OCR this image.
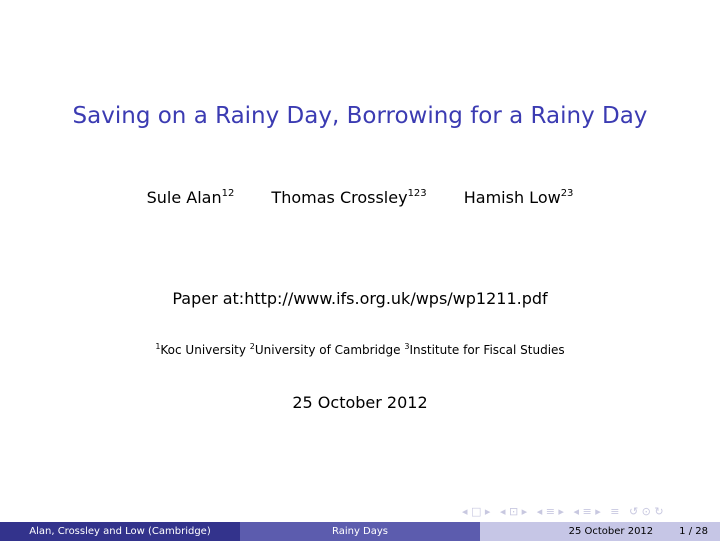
Saving on a Rainy Day, Borrowing for a Rainy Day
Sule Alan$^{12}$ Thomas Crossley$^{123}$ Hamish Low$^{23}$
Paper at:http://www.ifs.org.uk/wps/wp1211.pdf
$^1$Koc University $^2$University of Cambridge $^3$Institute for Fiscal Studies
25 October 2012
◂ □ ▸ ◂ ⊡ ▸ ◂ ≡ ▸ ◂ ≡ ▸ ≡ ↺ ⊙ ↻
Alan, Crossley and Low (Cambridge)	Rainy Days	25 October 2012	1 / 28
